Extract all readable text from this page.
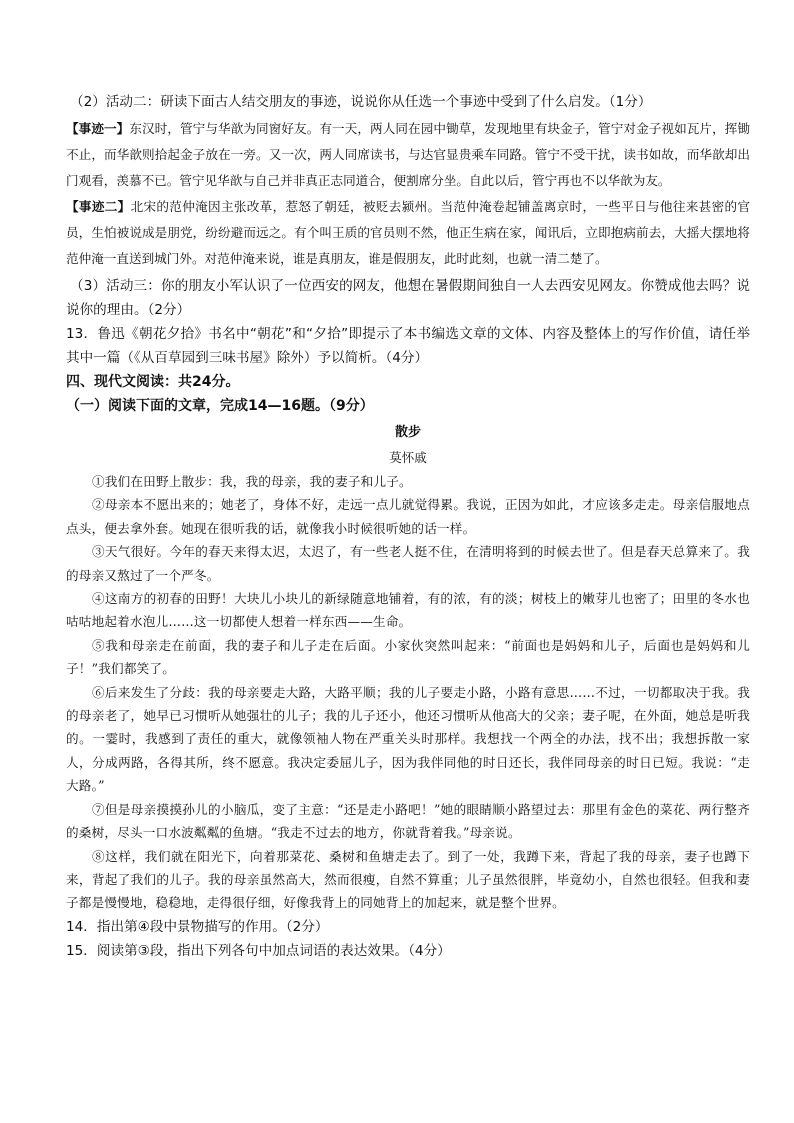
（2）活动二：研读下面古人结交朋友的事迹，说说你从任选一个事迹中受到了什么启发。（1分）

【事迹一】东汉时，管宁与华歆为同窗好友。有一天，两人同在园中锄草，发现地里有块金子，管宁对金子视如瓦片，挥锄不止，而华歆则拾起金子放在一旁。又一次，两人同席读书，与达官显贵乘车同路。管宁不受干扰，读书如故，而华歆却出门观看，羡慕不已。管宁见华歆与自己并非真正志同道合，便割席分坐。自此以后，管宁再也不以华歆为友。

【事迹二】北宋的范仲淹因主张改革，惹怒了朝廷，被贬去颍州。当范仲淹卷起铺盖离京时，一些平日与他往来甚密的官员，生怕被说成是朋党，纷纷避而远之。有个叫王质的官员则不然，他正生病在家，闻讯后，立即抱病前去，大摇大摆地将范仲淹一直送到城门外。对范仲淹来说，谁是真朋友，谁是假朋友，此时此刻，也就一清二楚了。

（3）活动三：你的朋友小军认识了一位西安的网友，他想在暑假期间独自一人去西安见网友。你赞成他去吗？说说你的理由。（2分）

13．鲁迅《朝花夕拾》书名中“朝花”和“夕拾”即提示了本书编选文章的文体、内容及整体上的写作价值，请任举其中一篇（《从百草园到三味书屋》除外）予以简析。（4分）

四、现代文阅读：共24分。

（一）阅读下面的文章，完成14—16题。（9分）

散步

莫怀戚

①我们在田野上散步：我，我的母亲，我的妻子和儿子。

②母亲本不愿出来的；她老了，身体不好，走远一点儿就觉得累。我说，正因为如此，才应该多走走。母亲信服地点点头，便去拿外套。她现在很听我的话，就像我小时候很听她的话一样。

③天气很好。今年的春天来得太迟，太迟了，有一些老人挺不住，在清明将到的时候去世了。但是春天总算来了。我的母亲又熬过了一个严冬。

④这南方的初春的田野！大块儿小块儿的新绿随意地铺着，有的浓，有的淡；树枝上的嫩芽儿也密了；田里的冬水也咕咕地起着水泡儿……这一切都使人想着一样东西——生命。

⑤我和母亲走在前面，我的妻子和儿子走在后面。小家伙突然叫起来：“前面也是妈妈和儿子，后面也是妈妈和儿子！”我们都笑了。

⑥后来发生了分歧：我的母亲要走大路，大路平顺；我的儿子要走小路，小路有意思……不过，一切都取决于我。我的母亲老了，她早已习惯听从她强壮的儿子；我的儿子还小，他还习惯听从他高大的父亲；妻子呢，在外面，她总是听我的。一霎时，我感到了责任的重大，就像领袖人物在严重关头时那样。我想找一个两全的办法，找不出；我想拆散一家人，分成两路，各得其所，终不愿意。我决定委屈儿子，因为我伴同他的时日还长，我伴同母亲的时日已短。我说：“走大路。”

⑦但是母亲摸摸孙儿的小脑瓜，变了主意：“还是走小路吧！”她的眼睛顺小路望过去：那里有金色的菜花、两行整齐的桑树，尽头一口水波粼粼的鱼塘。“我走不过去的地方，你就背着我。”母亲说。

⑧这样，我们就在阳光下，向着那菜花、桑树和鱼塘走去了。到了一处，我蹲下来，背起了我的母亲，妻子也蹲下来，背起了我们的儿子。我的母亲虽然高大，然而很瘦，自然不算重；儿子虽然很胖，毕竟幼小，自然也很轻。但我和妻子都是慢慢地，稳稳地，走得很仔细，好像我背上的同她背上的加起来，就是整个世界。

14．指出第④段中景物描写的作用。（2分）

15．阅读第③段，指出下列各句中加点词语的表达效果。（4分）
